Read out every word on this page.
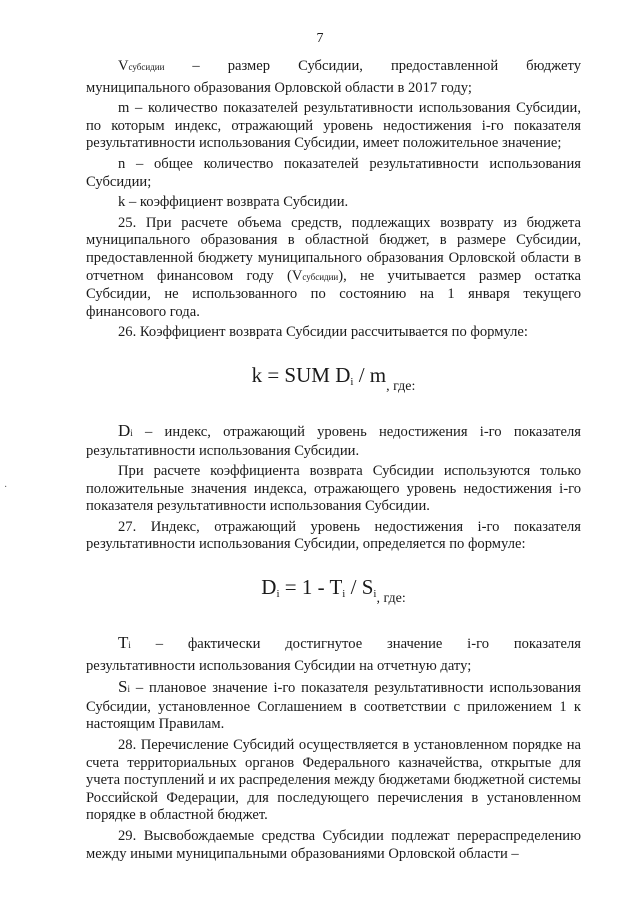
7
·

Vсубсидии – размер Субсидии, предоставленной бюджету

муниципального образования Орловской области в 2017 году;

m – количество показателей результативности использования Субсидии, по которым индекс, отражающий уровень недостижения i-го показателя результативности использования Субсидии, имеет положительное значение;

n – общее количество показателей результативности использования Субсидии;

k – коэффициент возврата Субсидии.

25. При расчете объема средств, подлежащих возврату из бюджета муниципального образования в областной бюджет, в размере Субсидии, предоставленной бюджету муниципального образования Орловской области в отчетном финансовом году (Vсубсидии), не учитывается размер остатка Субсидии, не использованного по состоянию на 1 января текущего финансового года.

26. Коэффициент возврата Субсидии рассчитывается по формуле:

k = SUM Di / $m_{, где:}$

Di – индекс, отражающий уровень недостижения i-го показателя результативности использования Субсидии.

При расчете коэффициента возврата Субсидии используются только положительные значения индекса, отражающего уровень недостижения i-го показателя результативности использования Субсидии.

27. Индекс, отражающий уровень недостижения i-го показателя результативности использования Субсидии, определяется по формуле:

$Di = 1 - Ti / Si_{, где:}$

Ti – фактически достигнутое значение i-го показателя

результативности использования Субсидии на отчетную дату;

Si – плановое значение i-го показателя результативности использования Субсидии, установленное Соглашением в соответствии с приложением 1 к настоящим Правилам.

28. Перечисление Субсидий осуществляется в установленном порядке на счета территориальных органов Федерального казначейства, открытые для учета поступлений и их распределения между бюджетами бюджетной системы Российской Федерации, для последующего перечисления в установленном порядке в областной бюджет.

29. Высвобождаемые средства Субсидии подлежат перераспределению между иными муниципальными образованиями Орловской области –
